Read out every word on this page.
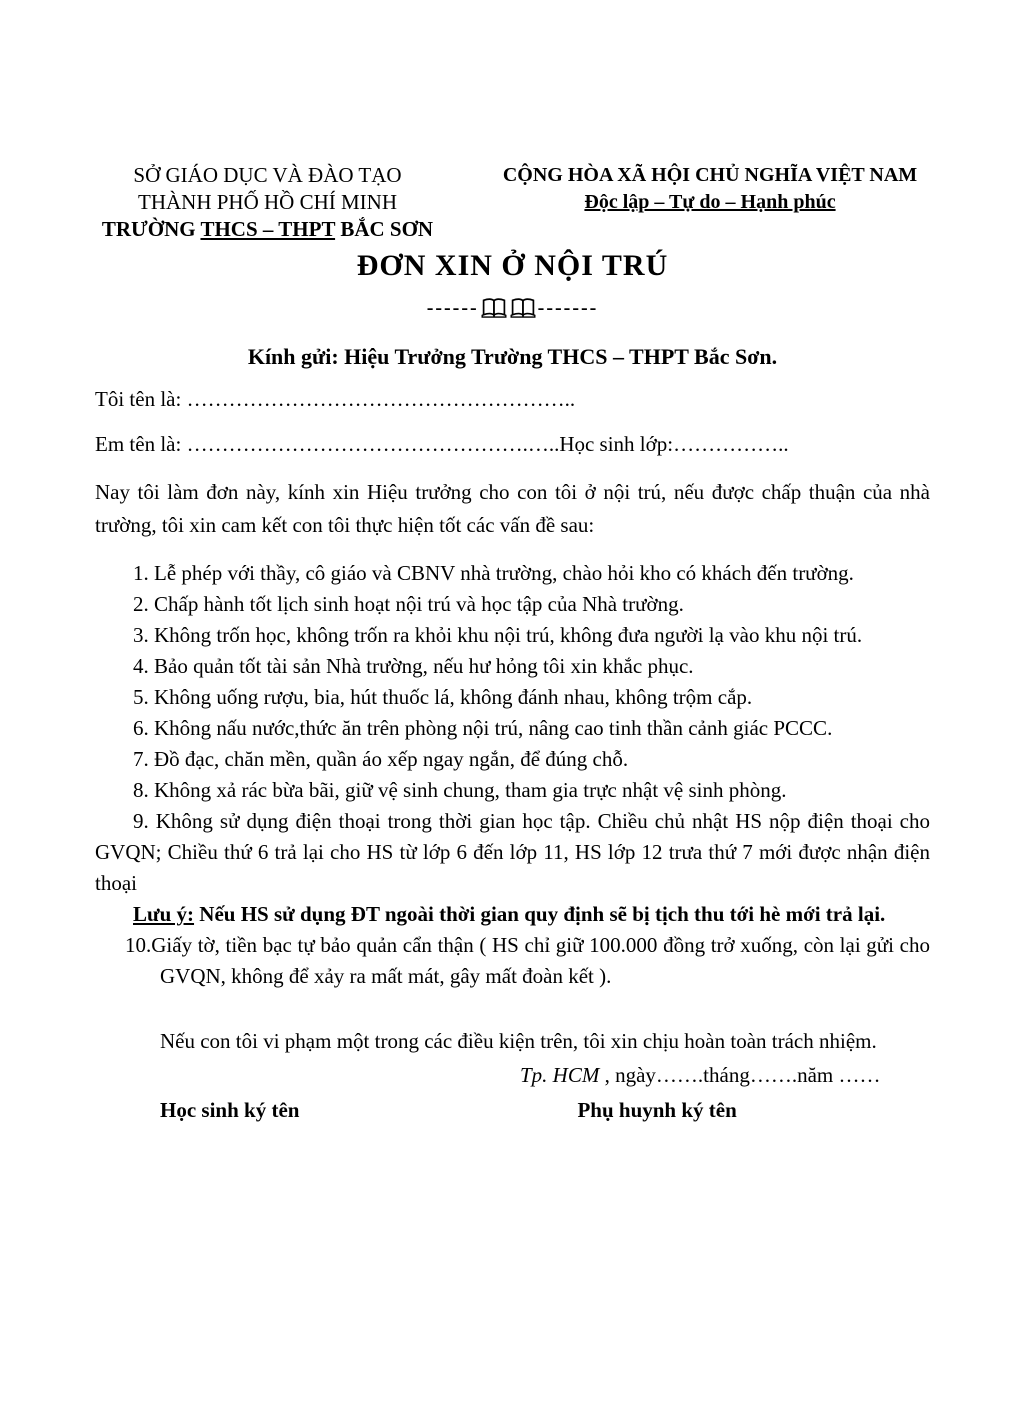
SỞ GIÁO DỤC VÀ ĐÀO TẠO
THÀNH PHỐ HỒ CHÍ MINH
TRƯỜNG THCS – THPT BẮC SƠN
CỘNG HÒA XÃ HỘI CHỦ NGHĨA VIỆT NAM
Độc lập – Tự do – Hạnh phúc
ĐƠN XIN Ở NỘI TRÚ
------	-------
Kính gửi: Hiệu Trưởng Trường THCS – THPT Bắc Sơn.
Tôi tên là: ………………………………………………..
Em tên là: ………………………………………….…..Học sinh lớp:……………..

Nay tôi làm đơn này, kính xin Hiệu trưởng cho con tôi ở nội trú, nếu được chấp thuận của nhà trường, tôi xin cam kết con tôi thực hiện tốt các vấn đề sau:

1. Lễ phép với thầy, cô giáo và CBNV nhà trường, chào hỏi kho có khách đến trường.

2. Chấp hành tốt lịch sinh hoạt nội trú và học tập của Nhà trường.

3. Không trốn học, không trốn ra khỏi khu nội trú, không đưa người lạ vào khu nội trú.

4. Bảo quản tốt tài sản Nhà trường, nếu hư hỏng tôi xin khắc phục.

5. Không uống rượu, bia, hút thuốc lá, không đánh nhau, không trộm cắp.

6. Không nấu nước,thức ăn trên phòng nội trú, nâng cao tinh thần cảnh giác PCCC.

7. Đồ đạc, chăn mền, quần áo xếp ngay ngắn, để đúng chỗ.

8. Không xả rác bừa bãi, giữ vệ sinh chung, tham gia trực nhật vệ sinh phòng.

9. Không sử dụng điện thoại trong thời gian học tập. Chiều chủ nhật HS nộp điện thoại cho GVQN; Chiều thứ 6 trả lại cho HS từ lớp 6 đến lớp 11, HS lớp 12 trưa thứ 7 mới được nhận điện thoại

Lưu ý: Nếu HS sử dụng ĐT ngoài thời gian quy định sẽ bị tịch thu tới hè mới trả lại.

10.Giấy tờ, tiền bạc tự bảo quản cẩn thận ( HS chỉ giữ 100.000 đồng trở xuống, còn lại gửi cho GVQN, không để xảy ra mất mát, gây mất đoàn kết ).

Nếu con tôi vi phạm một trong các điều kiện trên, tôi xin chịu hoàn toàn trách nhiệm.

Tp. HCM , ngày…….tháng…….năm ……
Học sinh ký tên	Phụ huynh ký tên
